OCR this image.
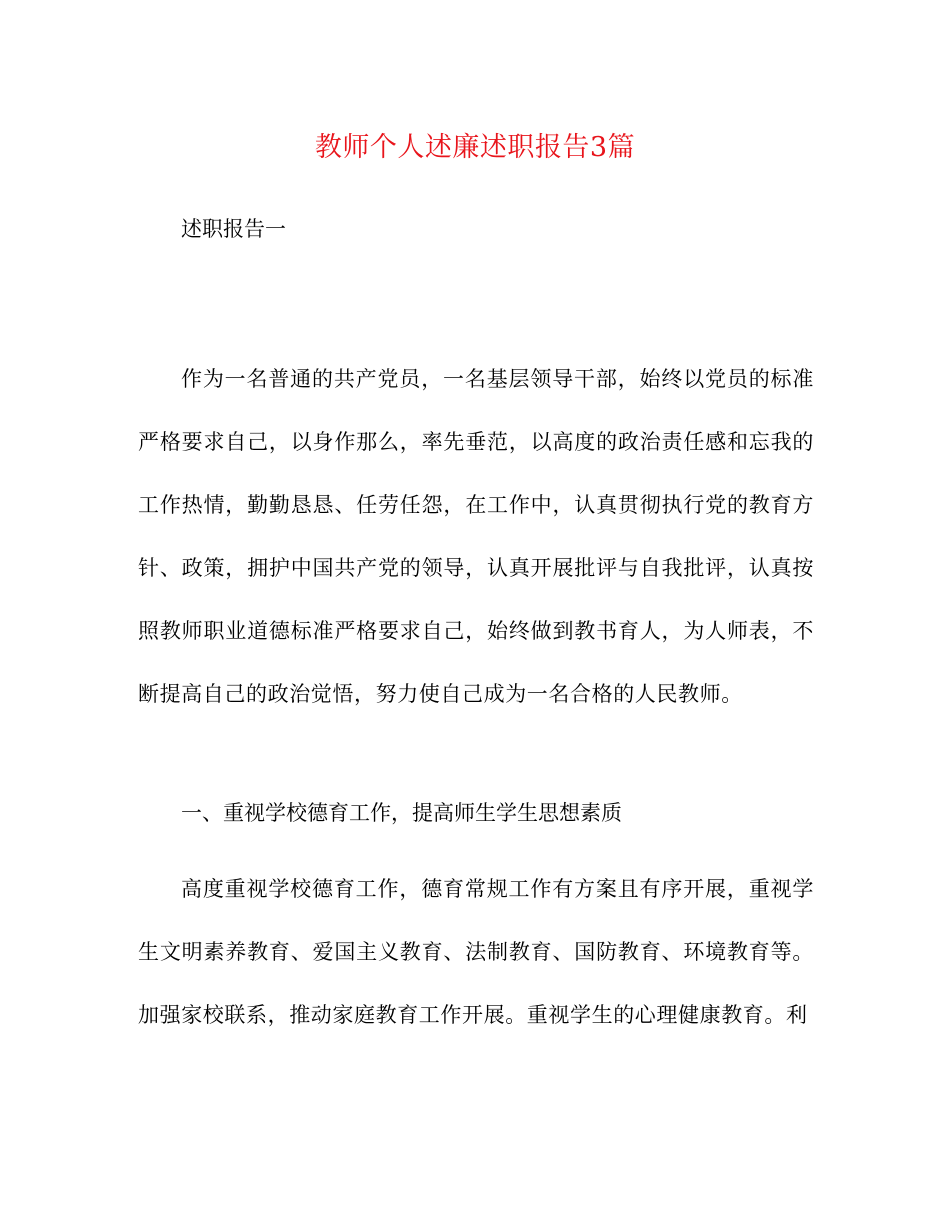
教师个人述廉述职报告3篇
述职报告一
作为一名普通的共产党员，一名基层领导干部，始终以党员的标准严格要求自己，以身作那么，率先垂范，以高度的政治责任感和忘我的工作热情，勤勤恳恳、任劳任怨，在工作中，认真贯彻执行党的教育方针、政策，拥护中国共产党的领导，认真开展批评与自我批评，认真按照教师职业道德标准严格要求自己，始终做到教书育人，为人师表，不断提高自己的政治觉悟，努力使自己成为一名合格的人民教师。
一、重视学校德育工作，提高师生学生思想素质
高度重视学校德育工作，德育常规工作有方案且有序开展，重视学生文明素养教育、爱国主义教育、法制教育、国防教育、环境教育等。加强家校联系，推动家庭教育工作开展。重视学生的心理健康教育。利
